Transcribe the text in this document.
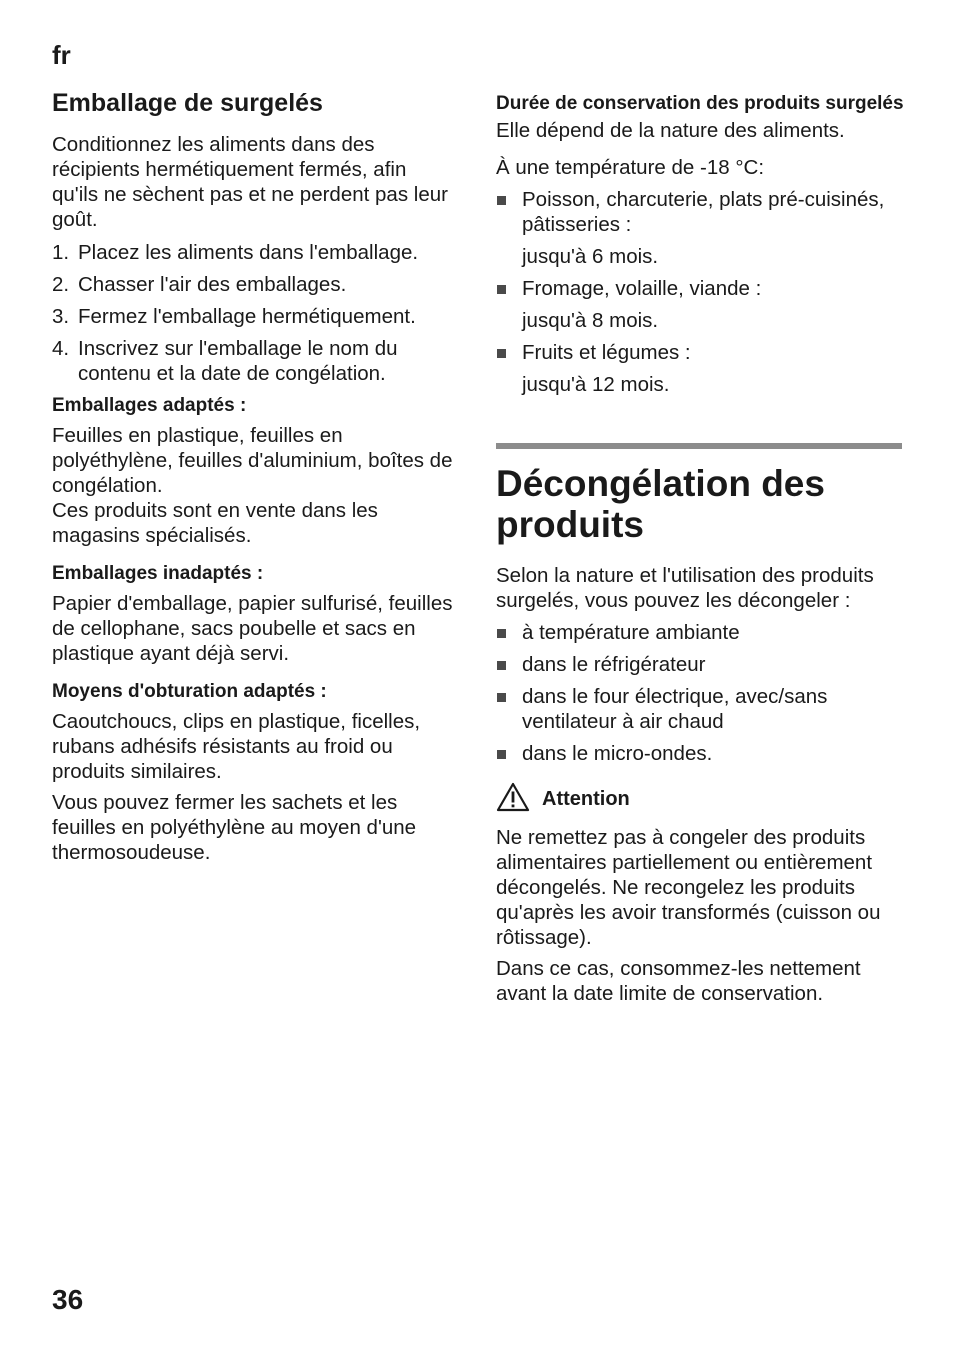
fr
Emballage de surgelés

Conditionnez les aliments dans des récipients hermétiquement fermés, afin qu'ils ne sèchent pas et ne perdent pas leur goût.

1. Placez les aliments dans l'emballage.
2. Chasser l'air des emballages.
3. Fermez l'emballage hermétiquement.
4. Inscrivez sur l'emballage le nom du contenu et la date de congélation.
Emballages adaptés :

Feuilles en plastique, feuilles en polyéthylène, feuilles d'aluminium, boîtes de congélation.

Ces produits sont en vente dans les magasins spécialisés.

Emballages inadaptés :

Papier d'emballage, papier sulfurisé, feuilles de cellophane, sacs poubelle et sacs en plastique ayant déjà servi.

Moyens d'obturation adaptés :

Caoutchoucs, clips en plastique, ficelles, rubans adhésifs résistants au froid ou produits similaires.

Vous pouvez fermer les sachets et les feuilles en polyéthylène au moyen d'une thermosoudeuse.

Durée de conservation des produits surgelés

Elle dépend de la nature des aliments.

À une température de -18 °C:

Poisson, charcuterie, plats pré-cuisinés, pâtisseries :
jusqu'à 6 mois.
Fromage, volaille, viande :
jusqu'à 8 mois.
Fruits et légumes :
jusqu'à 12 mois.
Décongélation des produits

Selon la nature et l'utilisation des produits surgelés, vous pouvez les décongeler :

à température ambiante
dans le réfrigérateur
dans le four électrique, avec/sans ventilateur à air chaud
dans le micro-ondes.
Attention

Ne remettez pas à congeler des produits alimentaires partiellement ou entièrement décongelés. Ne recongelez les produits qu'après les avoir transformés (cuisson ou rôtissage).

Dans ce cas, consommez-les nettement avant la date limite de conservation.

36
